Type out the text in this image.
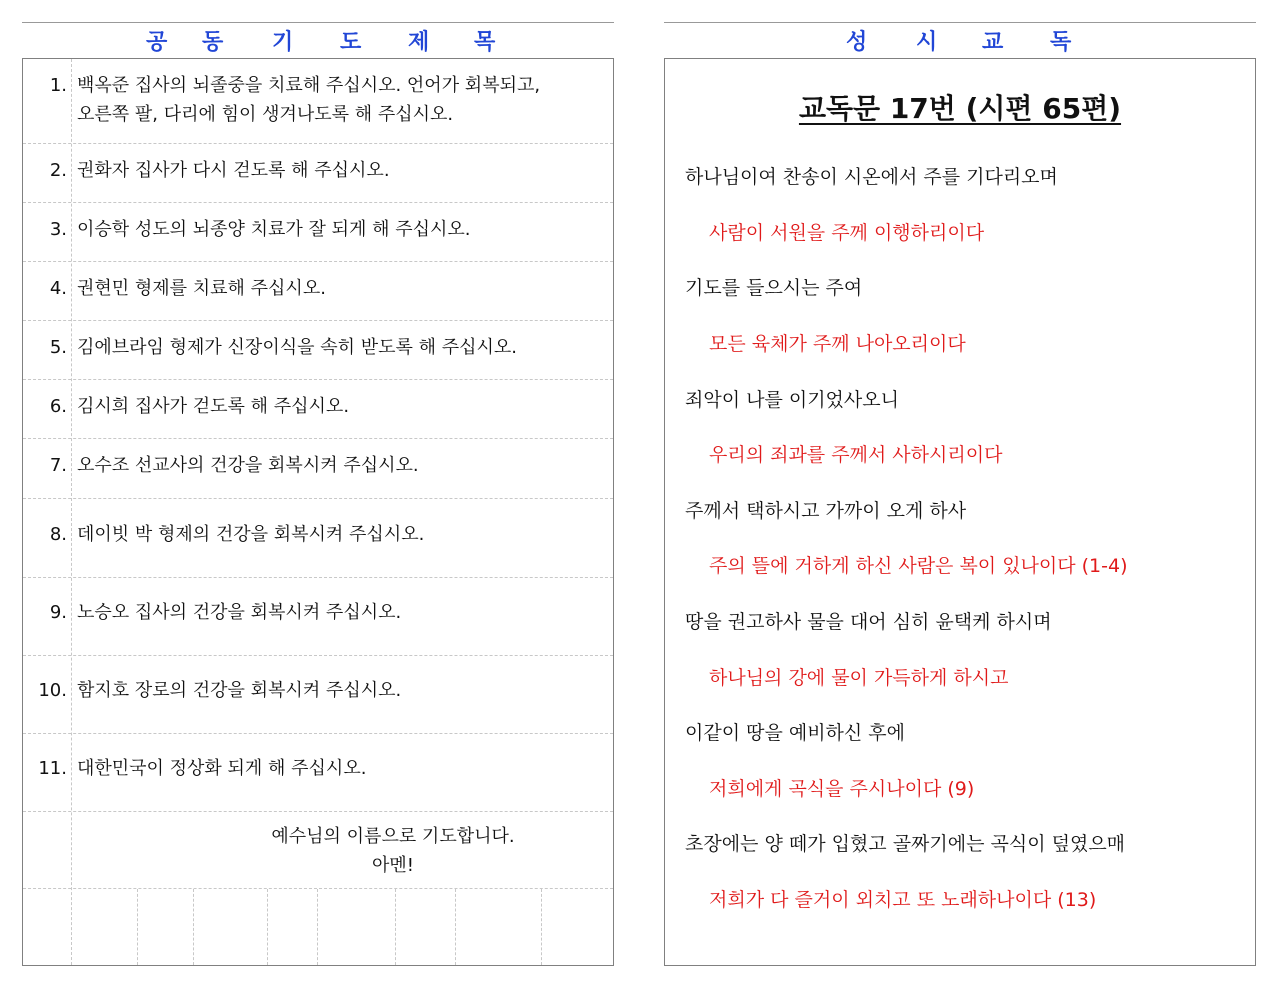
공 동 기 도 제 목
1. 백옥준 집사의 뇌졸중을 치료해 주십시오. 언어가 회복되고,
오른쪽 팔, 다리에 힘이 생겨나도록 해 주십시오.
2. 권화자 집사가 다시 걷도록 해 주십시오.
3. 이승학 성도의 뇌종양 치료가 잘 되게 해 주십시오.
4. 권현민 형제를 치료해 주십시오.
5. 김에브라임 형제가 신장이식을 속히 받도록 해 주십시오.
6. 김시희 집사가 걷도록 해 주십시오.
7. 오수조 선교사의 건강을 회복시켜 주십시오.
8. 데이빗 박 형제의 건강을 회복시켜 주십시오.
9. 노승오 집사의 건강을 회복시켜 주십시오.
10. 함지호 장로의 건강을 회복시켜 주십시오.
11. 대한민국이 정상화 되게 해 주십시오.
예수님의 이름으로 기도합니다.
아멘!
성 시 교 독
교독문 17번 (시편 65편)
하나님이여 찬송이 시온에서 주를 기다리오며
사람이 서원을 주께 이행하리이다
기도를 들으시는 주여
모든 육체가 주께 나아오리이다
죄악이 나를 이기었사오니
우리의 죄과를 주께서 사하시리이다
주께서 택하시고 가까이 오게 하사
주의 뜰에 거하게 하신 사람은 복이 있나이다 (1-4)
땅을 권고하사 물을 대어 심히 윤택케 하시며
하나님의 강에 물이 가득하게 하시고
이같이 땅을 예비하신 후에
저희에게 곡식을 주시나이다 (9)
초장에는 양 떼가 입혔고 골짜기에는 곡식이 덮였으매
저희가 다 즐거이 외치고 또 노래하나이다 (13)
